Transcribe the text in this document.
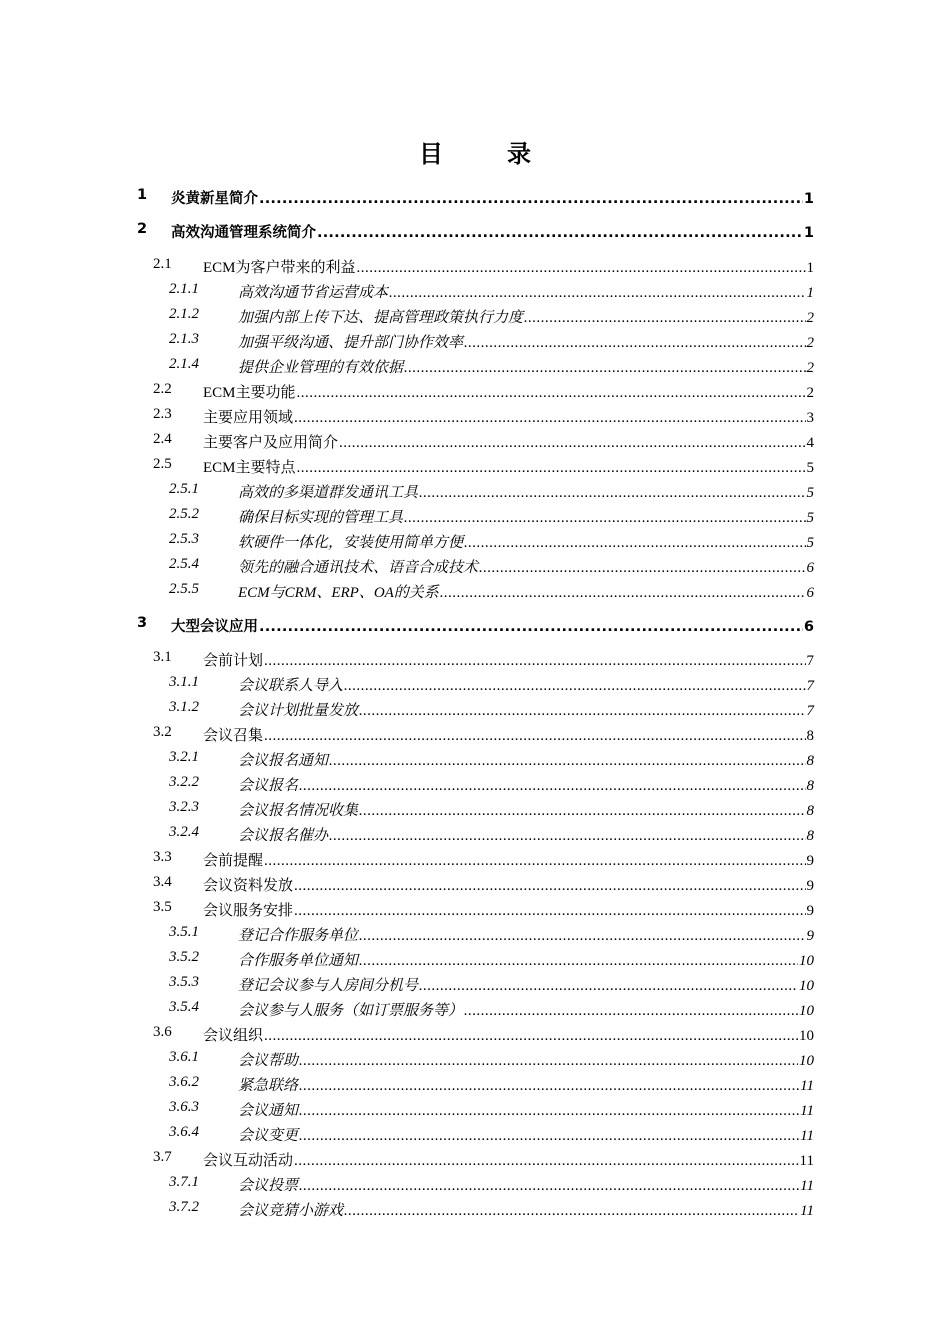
目　录
1 炎黄新星简介 .....	1
2 高效沟通管理系统简介 .....	1
2.1 ECM为客户带来的利益 .....	1
2.1.1	高效沟通节省运营成本 .....	1
2.1.2	加强内部上传下达、提高管理政策执行力度 .....	2
2.1.3	加强平级沟通、提升部门协作效率 .....	2
2.1.4	提供企业管理的有效依据 .....	2
2.2 ECM主要功能 .....	2
2.3 主要应用领域 .....	3
2.4 主要客户及应用简介 .....	4
2.5 ECM主要特点 .....	5
2.5.1	高效的多渠道群发通讯工具 .....	5
2.5.2	确保目标实现的管理工具 .....	5
2.5.3	软硬件一体化，安装使用简单方便 .....	5
2.5.4	领先的融合通讯技术、语音合成技术 .....	6
2.5.5	ECM与CRM、ERP、OA的关系 .....	6
3 大型会议应用 .....	6
3.1 会前计划 .....	7
3.1.1	会议联系人导入 .....	7
3.1.2	会议计划批量发放 .....	7
3.2 会议召集 .....	8
3.2.1	会议报名通知 .....	8
3.2.2	会议报名 .....	8
3.2.3	会议报名情况收集 .....	8
3.2.4	会议报名催办 .....	8
3.3 会前提醒 .....	9
3.4 会议资料发放 .....	9
3.5 会议服务安排 .....	9
3.5.1	登记合作服务单位 .....	9
3.5.2	合作服务单位通知 .....	10
3.5.3	登记会议参与人房间分机号 .....	10
3.5.4	会议参与人服务（如订票服务等） .....	10
3.6 会议组织 .....	10
3.6.1	会议帮助 .....	10
3.6.2	紧急联络 .....	11
3.6.3	会议通知 .....	11
3.6.4	会议变更 .....	11
3.7 会议互动活动 .....	11
3.7.1	会议投票 .....	11
3.7.2	会议竞猜小游戏 .....	11
